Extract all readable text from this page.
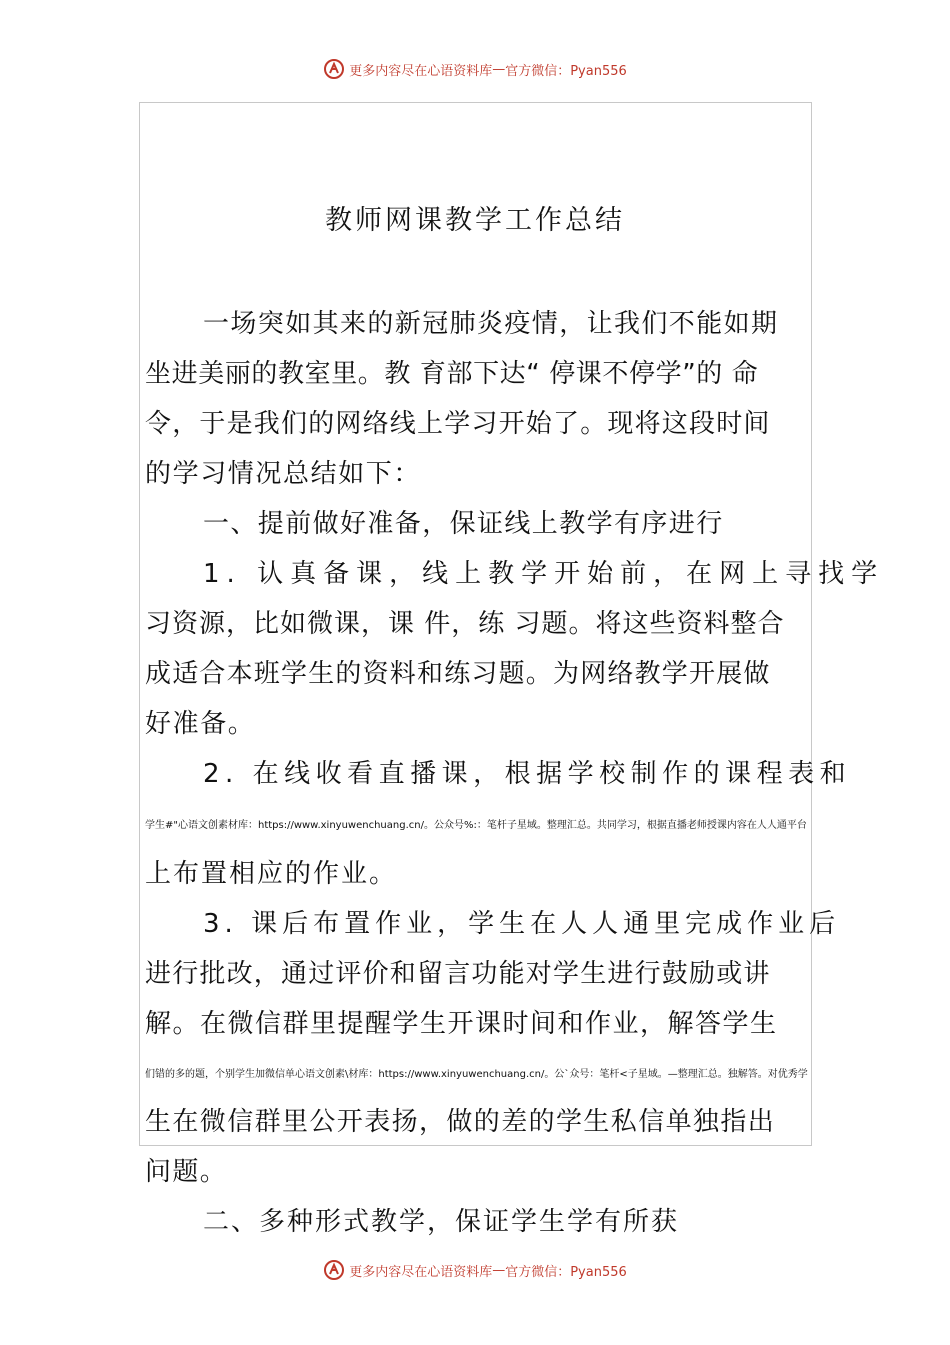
更多内容尽在心语资料库 — 官方微信：Pyan556
教师网课教学工作总结
一场突如其来的新冠肺炎疫情，让我们不能如期
坐进美丽的教室里。教 育部下达“ 停课不停学”的 命
令，于是我们的网络线上学习开始了。现将这段时间
的学习情况总结如下：
一、提前做好准备，保证线上教学有序进行
1. 认真备课，线上教学开始前，在网上寻找学
习资源，比如微课，课 件，练 习题。将这些资料整合
成适合本班学生的资料和练习题。为网络教学开展做
好准备。
2. 在线收看直播课，根据学校制作的课程表和
学生#"心语文创素材库：https://www.xinyuwenchuang.cn/。公众号%:：笔杆子星域。整理汇总。共同学习，根据直播老师授课内容在人人通平台
上布置相应的作业。
3. 课后布置作业，学生在人人通里完成作业后
进行批改，通过评价和留言功能对学生进行鼓励或讲
解。在微信群里提醒学生开课时间和作业，解答学生
们错的多的题，个别学生加微信单心语文创素\材库：https://www.xinyuwenchuang.cn/。公`众号：笔杆<子星域。—整理汇总。独解答。对优秀学
生在微信群里公开表扬，做的差的学生私信单独指出
问题。
二、多种形式教学，保证学生学有所获
更多内容尽在心语资料库 — 官方微信：Pyan556
